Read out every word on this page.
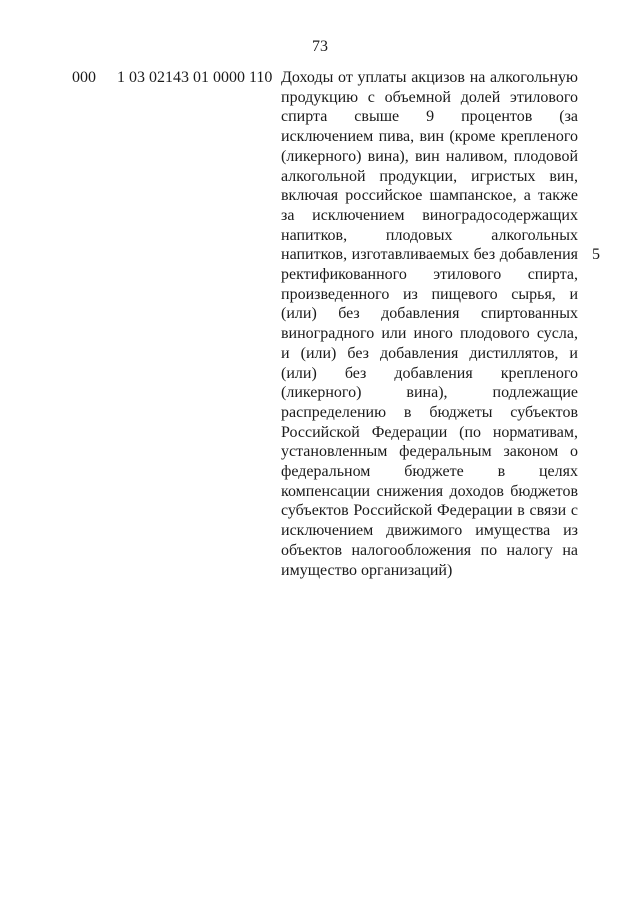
73
000 1 03 02143 01 0000 110 Доходы от уплаты акцизов на алкогольную продукцию с объемной долей этилового спирта свыше 9 процентов (за исключением пива, вин (кроме крепленого (ликерного) вина), вин наливом, плодовой алкогольной продукции, игристых вин, включая российское шампанское, а также за исключением виноградосодержащих напитков, плодовых алкогольных напитков, изготавливаемых без добавления ректификованного этилового спирта, произведенного из пищевого сырья, и (или) без добавления спиртованных виноградного или иного плодового сусла, и (или) без добавления дистиллятов, и (или) без добавления крепленого (ликерного) вина), подлежащие распределению в бюджеты субъектов Российской Федерации (по нормативам, установленным федеральным законом о федеральном бюджете в целях компенсации снижения доходов бюджетов субъектов Российской Федерации в связи с исключением движимого имущества из объектов налогообложения по налогу на имущество организаций)

5
